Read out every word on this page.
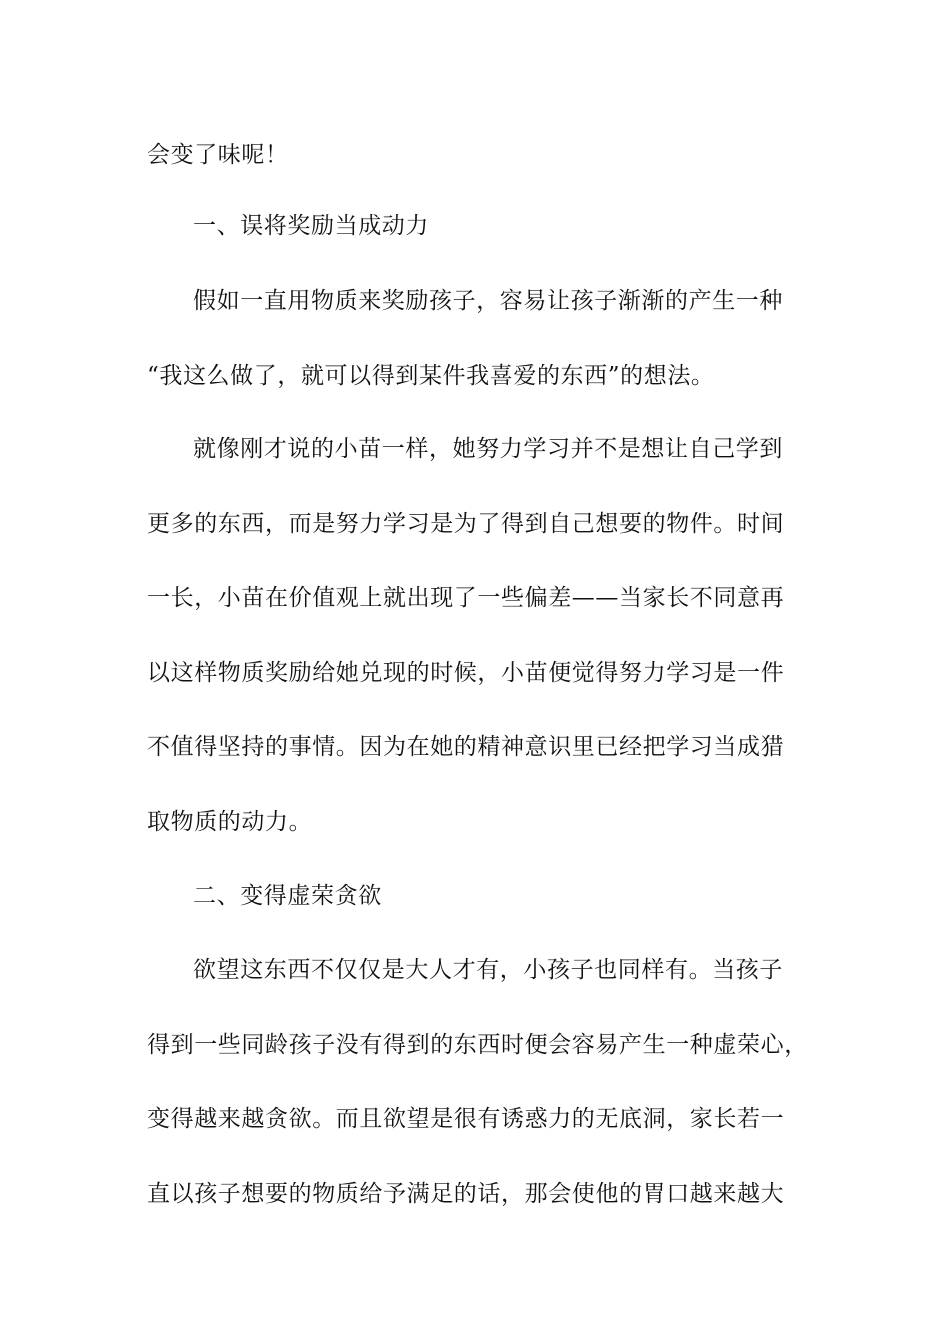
会变了味呢！
一、误将奖励当成动力
假如一直用物质来奖励孩子，容易让孩子渐渐的产生一种
“我这么做了，就可以得到某件我喜爱的东西”的想法。
就像刚才说的小苗一样，她努力学习并不是想让自己学到
更多的东西，而是努力学习是为了得到自己想要的物件。时间
一长，小苗在价值观上就出现了一些偏差——当家长不同意再
以这样物质奖励给她兑现的时候，小苗便觉得努力学习是一件
不值得坚持的事情。因为在她的精神意识里已经把学习当成猎
取物质的动力。
二、变得虚荣贪欲
欲望这东西不仅仅是大人才有，小孩子也同样有。当孩子
得到一些同龄孩子没有得到的东西时便会容易产生一种虚荣心，
变得越来越贪欲。而且欲望是很有诱惑力的无底洞，家长若一
直以孩子想要的物质给予满足的话，那会使他的胃口越来越大
